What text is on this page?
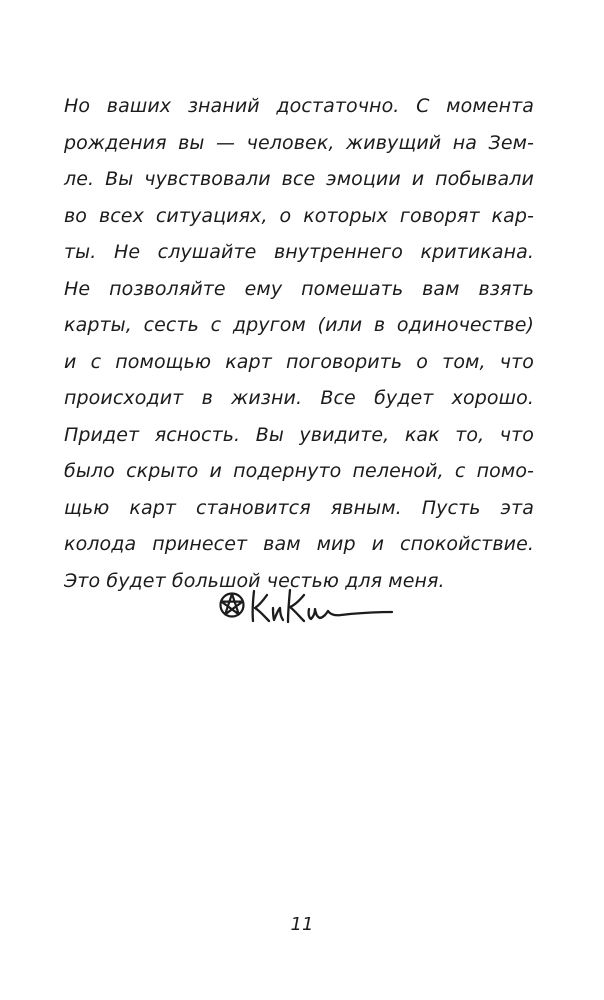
Но ваших знаний достаточно. С момента
рождения вы — человек, живущий на Зем-
ле. Вы чувствовали все эмоции и побывали
во всех ситуациях, о которых говорят кар-
ты. Не слушайте внутреннего критикана.
Не позволяйте ему помешать вам взять
карты, сесть с другом (или в одиночестве)
и с помощью карт поговорить о том, что
происходит в жизни. Все будет хорошо.
Придет ясность. Вы увидите, как то, что
было скрыто и подернуто пеленой, с помо-
щью карт становится явным. Пусть эта
колода принесет вам мир и спокойствие.
Это будет большой честью для меня.
11
